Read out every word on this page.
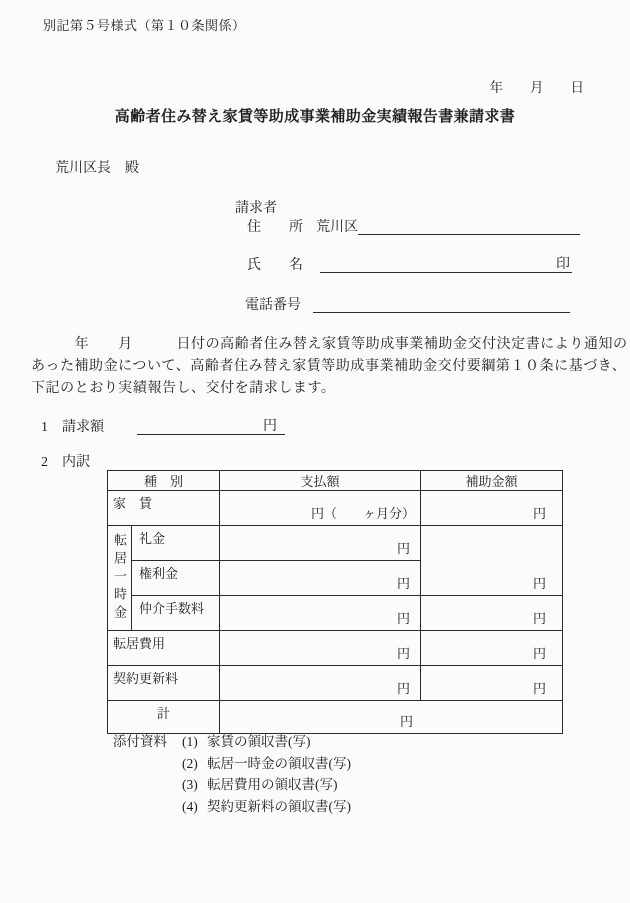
別記第５号様式（第１０条関係）
年　　月　　日
高齢者住み替え家賃等助成事業補助金実績報告書兼請求書
荒川区長　殿
請求者
住　　所 荒川区
氏　　名	印
電話番号
　　　年　　月　　　日付の高齢者住み替え家賃等助成事業補助金交付決定書により通知の
あった補助金について、高齢者住み替え家賃等助成事業補助金交付要綱第１０条に基づき、
下記のとおり実績報告し、交付を請求します。
1　請求額	円
2　内訳
種　別		支払額	補助金額
家　賃		円（　　ヶ月分）	円

転居一時金	礼金	円	円
	権利金	円	
	仲介手数料	円	円
転居費用		円	円
契約更新料		円	円
計		円	
添付資料	(1) 家賃の領収書(写)
(2) 転居一時金の領収書(写)
(3) 転居費用の領収書(写)
(4) 契約更新料の領収書(写)
